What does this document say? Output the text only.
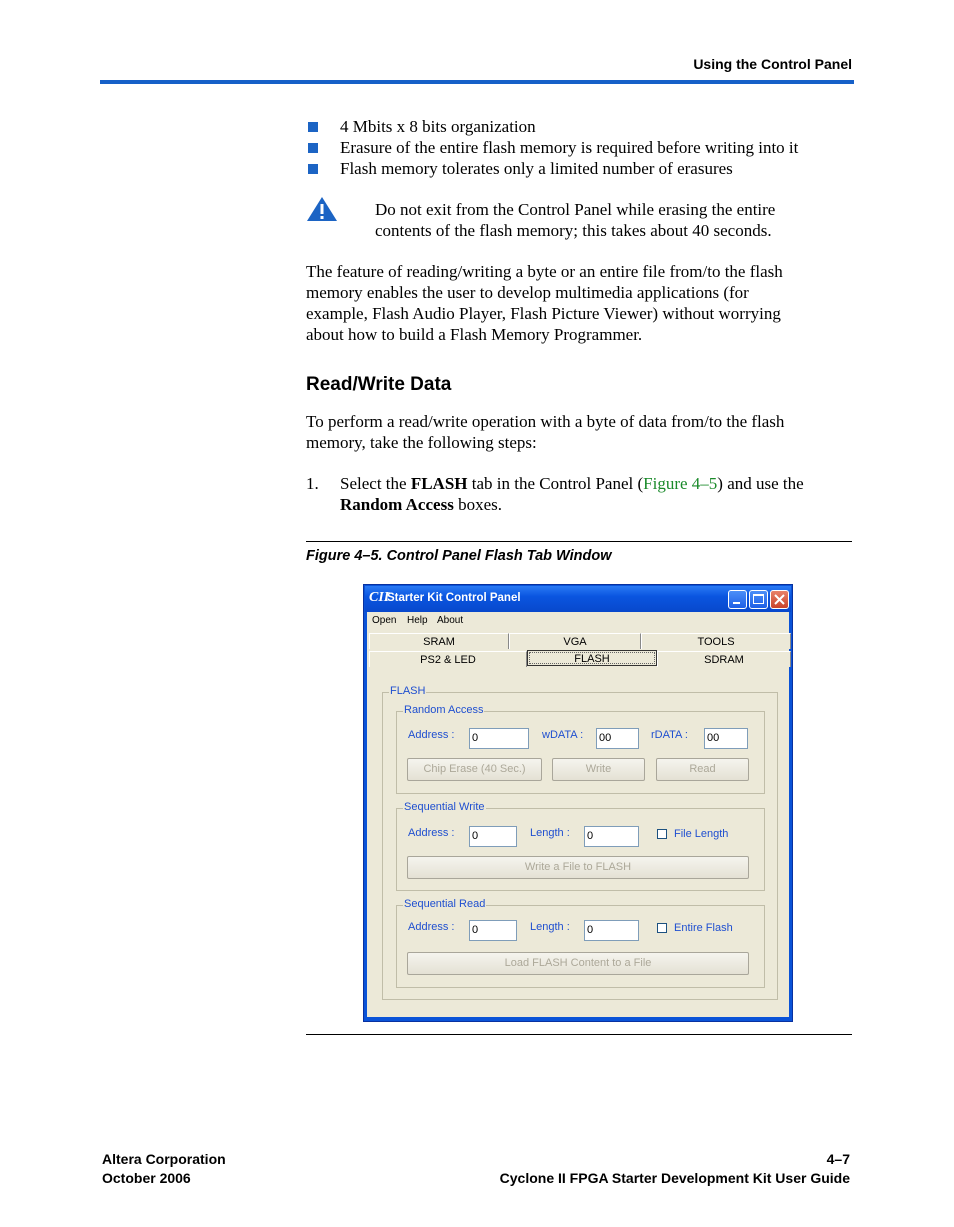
Using the Control Panel
4 Mbits x 8 bits organization
Erasure of the entire flash memory is required before writing into it
Flash memory tolerates only a limited number of erasures
Do not exit from the Control Panel while erasing the entire
contents of the flash memory; this takes about 40 seconds.
The feature of reading/writing a byte or an entire file from/to the flash
memory enables the user to develop multimedia applications (for
example, Flash Audio Player, Flash Picture Viewer) without worrying
about how to build a Flash Memory Programmer.
Read/Write Data
To perform a read/write operation with a byte of data from/to the flash
memory, take the following steps:
1. Select the FLASH tab in the Control Panel (Figure 4–5) and use the
Random Access boxes.
Figure 4–5. Control Panel Flash Tab Window
CII
Starter Kit Control Panel
Open Help About
SRAM	VGA	TOOLS
PS2 & LED	FLASH	SDRAM
FLASH
Random Access
Address : 0	wDATA : 00	rDATA : 00
Chip Erase (40 Sec.)	Write	Read
Sequential Write
Address : 0	Length : 0	File Length
Write a File to FLASH
Sequential Read
Address : 0	Length : 0	Entire Flash
Load FLASH Content to a File
Altera Corporation
October 2006
4–7
Cyclone II FPGA Starter Development Kit User Guide
